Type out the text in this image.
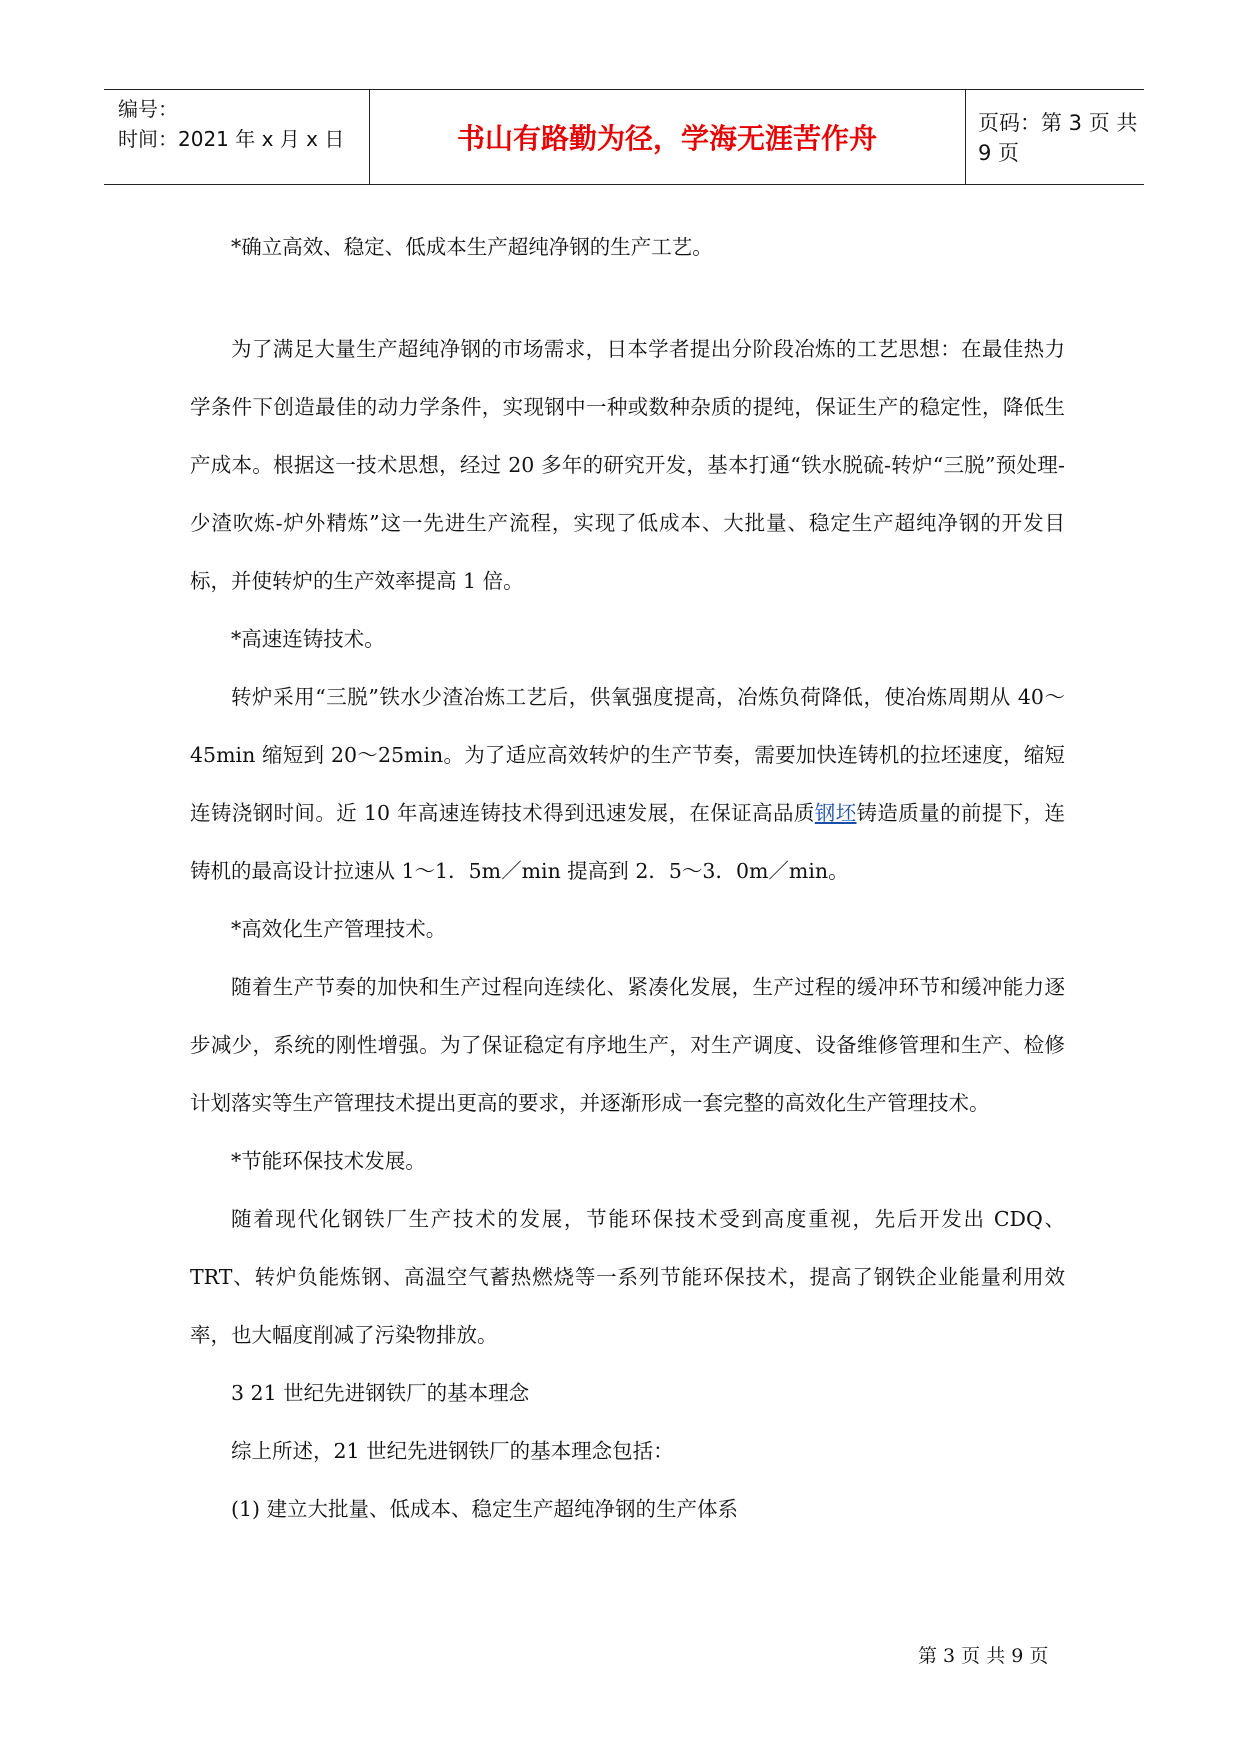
编号：
时间：2021 年 x 月 x 日	书山有路勤为径，学海无涯苦作舟	页码：第 3 页 共 9 页

*确立高效、稳定、低成本生产超纯净钢的生产工艺。

为了满足大量生产超纯净钢的市场需求，日本学者提出分阶段冶炼的工艺思想：在最佳热力学条件下创造最佳的动力学条件，实现钢中一种或数种杂质的提纯，保证生产的稳定性，降低生产成本。根据这一技术思想，经过 20 多年的研究开发，基本打通“铁水脱硫-转炉“三脱”预处理-少渣吹炼-炉外精炼”这一先进生产流程，实现了低成本、大批量、稳定生产超纯净钢的开发目标，并使转炉的生产效率提高 1 倍。

*高速连铸技术。

转炉采用“三脱”铁水少渣冶炼工艺后，供氧强度提高，冶炼负荷降低，使冶炼周期从 40～45min 缩短到 20～25min。为了适应高效转炉的生产节奏，需要加快连铸机的拉坯速度，缩短连铸浇钢时间。近 10 年高速连铸技术得到迅速发展，在保证高品质钢坯铸造质量的前提下，连铸机的最高设计拉速从 1～1．5m／min 提高到 2．5～3．0m／min。

*高效化生产管理技术。

随着生产节奏的加快和生产过程向连续化、紧凑化发展，生产过程的缓冲环节和缓冲能力逐步减少，系统的刚性增强。为了保证稳定有序地生产，对生产调度、设备维修管理和生产、检修计划落实等生产管理技术提出更高的要求，并逐渐形成一套完整的高效化生产管理技术。

*节能环保技术发展。

随着现代化钢铁厂生产技术的发展，节能环保技术受到高度重视，先后开发出 CDQ、TRT、转炉负能炼钢、高温空气蓄热燃烧等一系列节能环保技术，提高了钢铁企业能量利用效率，也大幅度削减了污染物排放。

3 21 世纪先进钢铁厂的基本理念

综上所述，21 世纪先进钢铁厂的基本理念包括：

(1) 建立大批量、低成本、稳定生产超纯净钢的生产体系

第 3 页 共 9 页
